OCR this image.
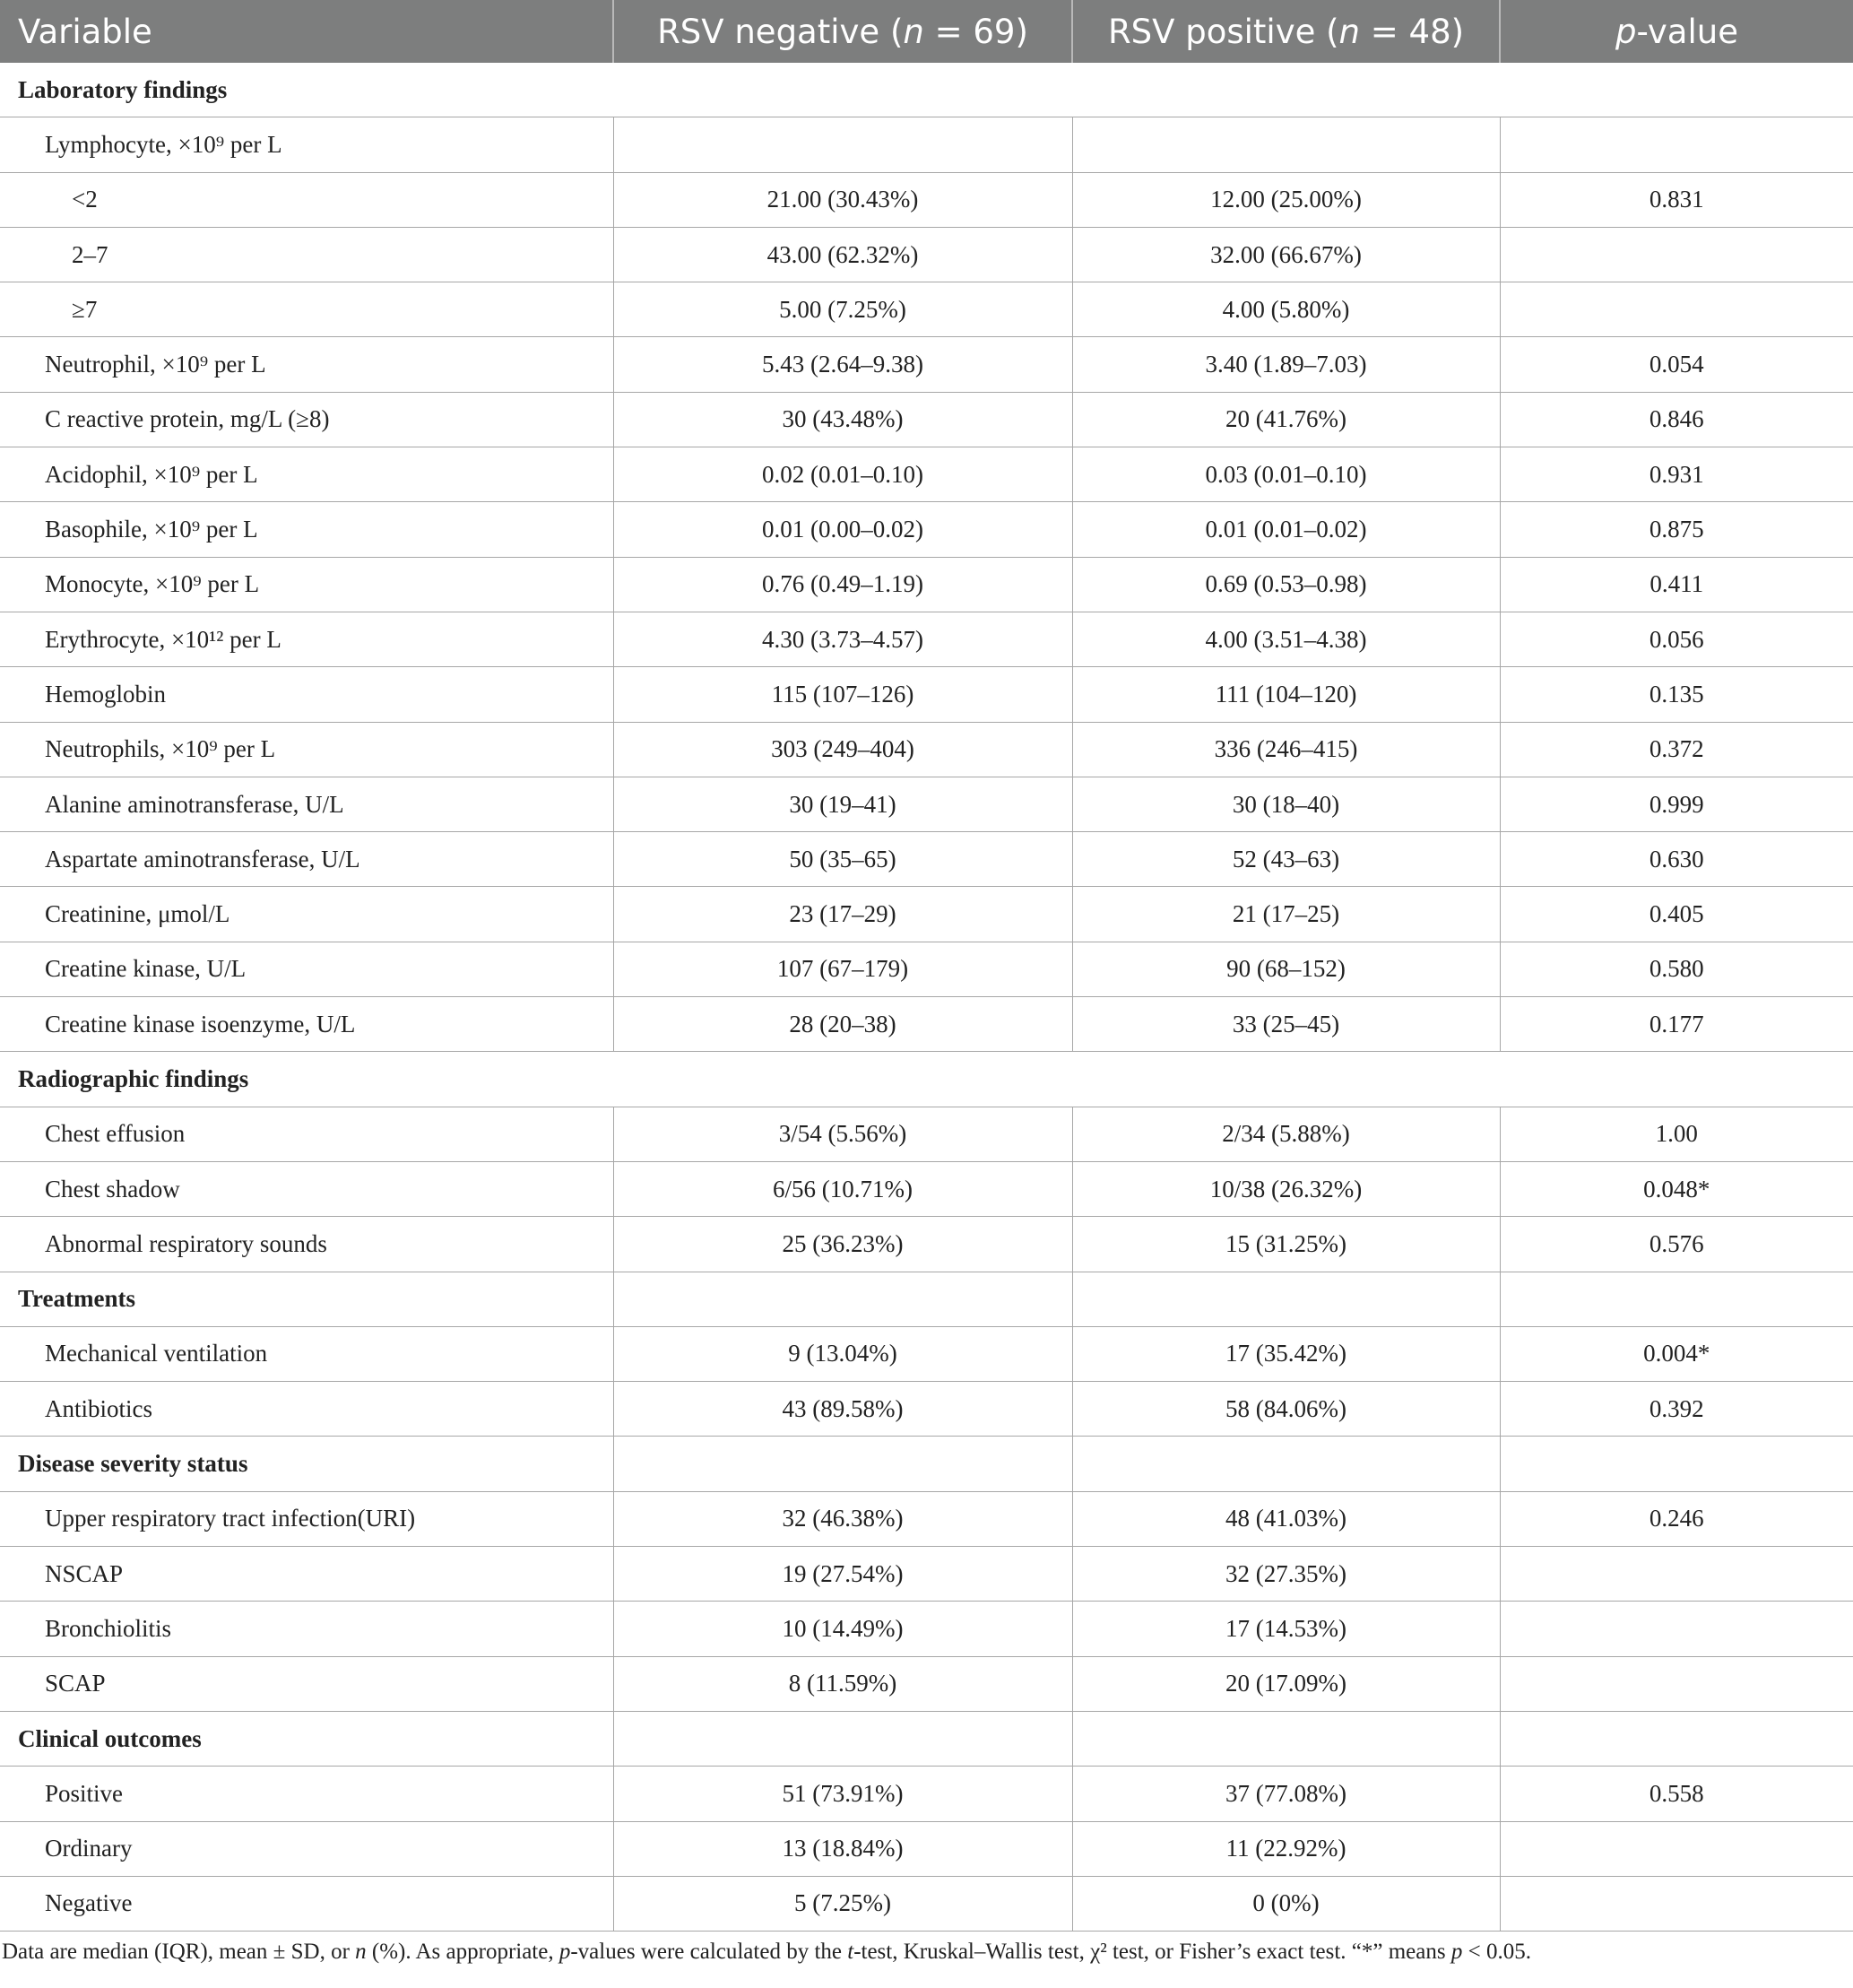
Variable	RSV negative (n = 69)	RSV positive (n = 48)	p-value
Laboratory findings			
Lymphocyte, ×10⁹ per L			
<2	21.00 (30.43%)	12.00 (25.00%)	0.831
2–7	43.00 (62.32%)	32.00 (66.67%)	
≥7	5.00 (7.25%)	4.00 (5.80%)	
Neutrophil, ×10⁹ per L	5.43 (2.64–9.38)	3.40 (1.89–7.03)	0.054
C reactive protein, mg/L (≥8)	30 (43.48%)	20 (41.76%)	0.846
Acidophil, ×10⁹ per L	0.02 (0.01–0.10)	0.03 (0.01–0.10)	0.931
Basophile, ×10⁹ per L	0.01 (0.00–0.02)	0.01 (0.01–0.02)	0.875
Monocyte, ×10⁹ per L	0.76 (0.49–1.19)	0.69 (0.53–0.98)	0.411
Erythrocyte, ×10¹² per L	4.30 (3.73–4.57)	4.00 (3.51–4.38)	0.056
Hemoglobin	115 (107–126)	111 (104–120)	0.135
Neutrophils, ×10⁹ per L	303 (249–404)	336 (246–415)	0.372
Alanine aminotransferase, U/L	30 (19–41)	30 (18–40)	0.999
Aspartate aminotransferase, U/L	50 (35–65)	52 (43–63)	0.630
Creatinine, μmol/L	23 (17–29)	21 (17–25)	0.405
Creatine kinase, U/L	107 (67–179)	90 (68–152)	0.580
Creatine kinase isoenzyme, U/L	28 (20–38)	33 (25–45)	0.177
Radiographic findings			
Chest effusion	3/54 (5.56%)	2/34 (5.88%)	1.00
Chest shadow	6/56 (10.71%)	10/38 (26.32%)	0.048*
Abnormal respiratory sounds	25 (36.23%)	15 (31.25%)	0.576
Treatments			
Mechanical ventilation	9 (13.04%)	17 (35.42%)	0.004*
Antibiotics	43 (89.58%)	58 (84.06%)	0.392
Disease severity status			
Upper respiratory tract infection(URI)	32 (46.38%)	48 (41.03%)	0.246
NSCAP	19 (27.54%)	32 (27.35%)	
Bronchiolitis	10 (14.49%)	17 (14.53%)	
SCAP	8 (11.59%)	20 (17.09%)	
Clinical outcomes			
Positive	51 (73.91%)	37 (77.08%)	0.558
Ordinary	13 (18.84%)	11 (22.92%)	
Negative	5 (7.25%)	0 (0%)	
Data are median (IQR), mean ± SD, or n (%). As appropriate, p-values were calculated by the t-test, Kruskal–Wallis test, χ² test, or Fisher’s exact test. “*” means p < 0.05.
